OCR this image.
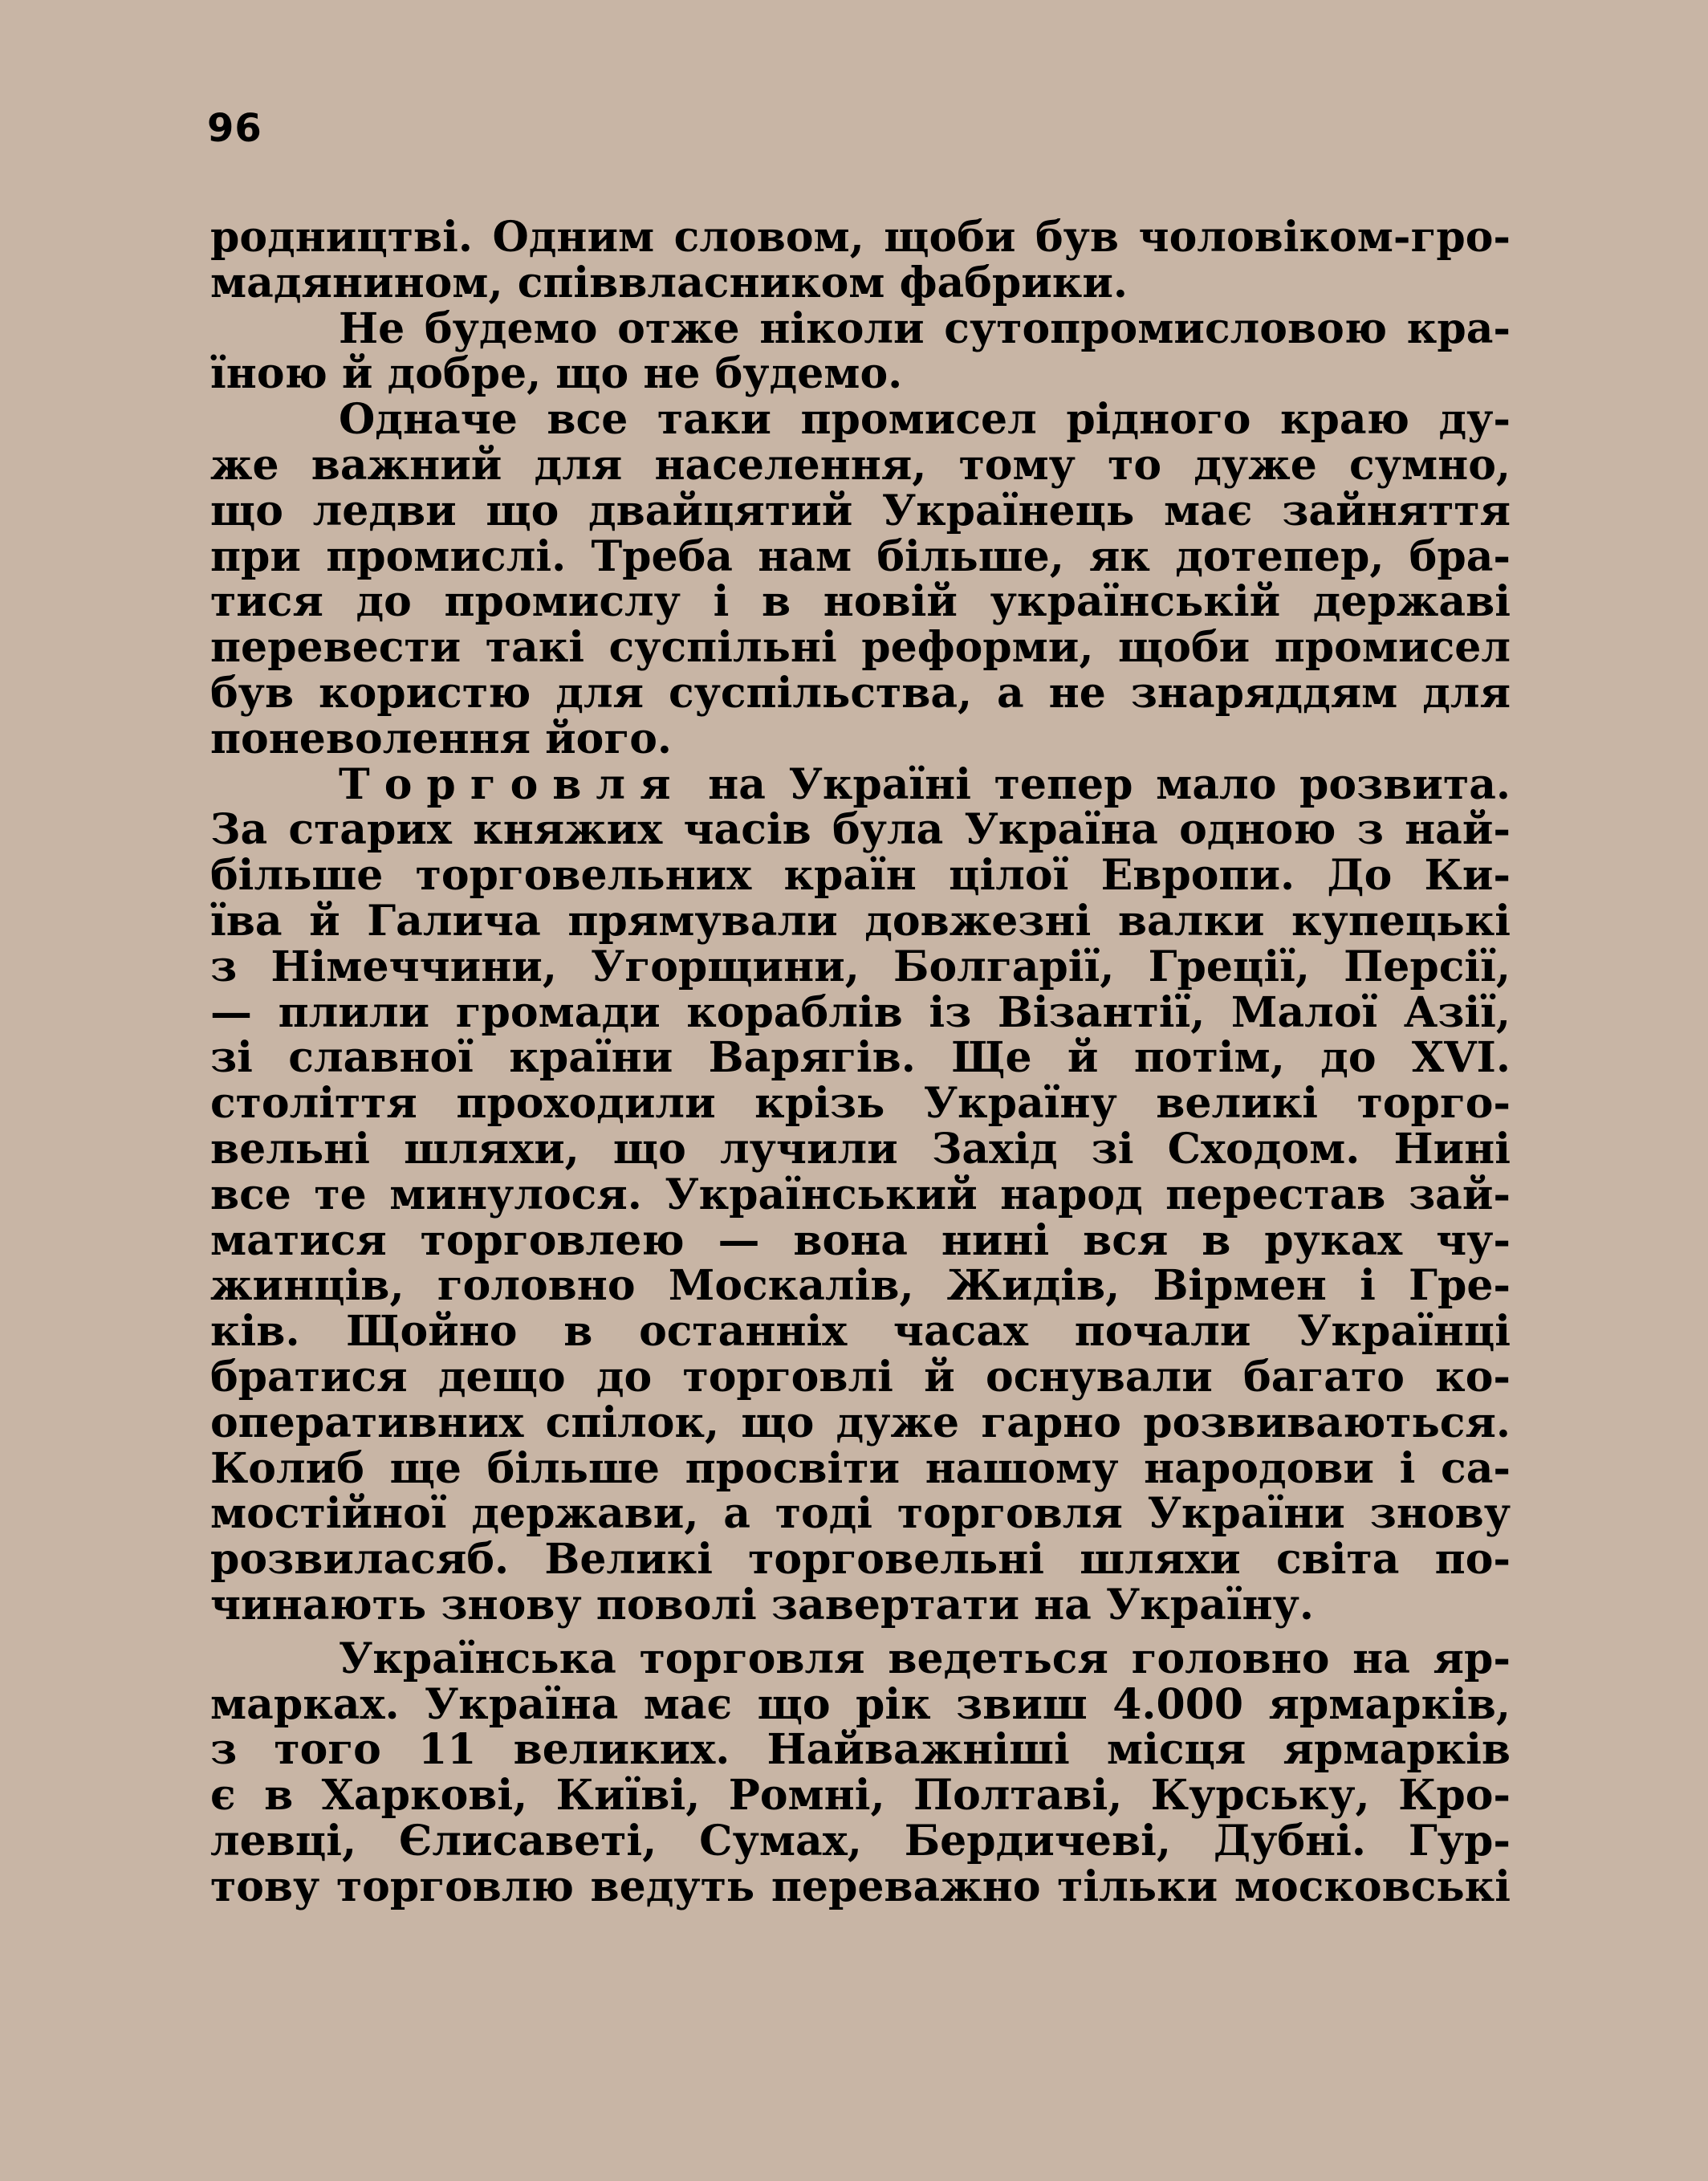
96
родництві. Одним словом, щоби був чоловіком-гро-
мадянином, співвласником фабрики.
Не будемо отже ніколи сутопромисловою кра-
їною й добре, що не будемо.
Одначе все таки промисел рідного краю ду-
же важний для населення, тому то дуже сумно,
що ледви що двайцятий Українець має зайняття
при промислі. Треба нам більше, як дотепер, бра-
тися до промислу і в новій українській державі
перевести такі суспільні реформи, щоби промисел
був користю для суспільства, а не знаряддям для
поневолення його.
Торговля на Україні тепер мало розвита.
За старих княжих часів була Україна одною з най-
більше торговельних країн цілої Европи. До Ки-
їва й Галича прямували довжезні валки купецькі
з Німеччини, Угорщини, Болгарії, Греції, Персії,
— плили громади кораблів із Візантії, Малої Азії,
зі славної країни Варягів. Ще й потім, до XVI.
століття проходили крізь Україну великі торго-
вельні шляхи, що лучили Захід зі Сходом. Нині
все те минулося. Український народ перестав зай-
матися торговлею — вона нині вся в руках чу-
жинців, головно Москалів, Жидів, Вірмен і Гре-
ків. Щойно в останніх часах почали Українці
братися дещо до торговлі й оснували багато ко-
оперативних спілок, що дуже гарно розвиваються.
Колиб ще більше просвіти нашому народови і са-
мостійної держави, а тоді торговля України знову
розвиласяб. Великі торговельні шляхи світа по-
чинають знову поволі завертати на Україну.
Українська торговля ведеться головно на яр-
марках. Україна має що рік звиш 4.000 ярмарків,
з того 11 великих. Найважніші місця ярмарків
є в Харкові, Київі, Ромні, Полтаві, Курську, Кро-
левці, Єлисаветі, Сумах, Бердичеві, Дубні. Гур-
тову торговлю ведуть переважно тільки московські
